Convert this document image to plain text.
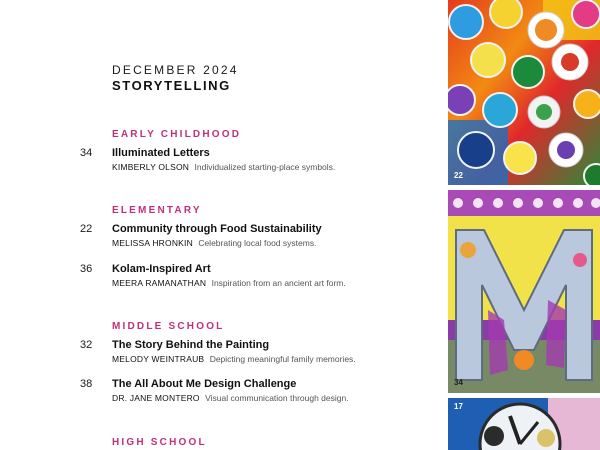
DECEMBER 2024
STORYTELLING
EARLY CHILDHOOD
34 Illuminated Letters
KIMBERLY OLSON Individualized starting-place symbols.
ELEMENTARY
22 Community through Food Sustainability
MELISSA HRONKIN Celebrating local food systems.
36 Kolam-Inspired Art
MEERA RAMANATHAN Inspiration from an ancient art form.
MIDDLE SCHOOL
32 The Story Behind the Painting
MELODY WEINTRAUB Depicting meaningful family memories.
38 The All About Me Design Challenge
DR. JANE MONTERO Visual communication through design.
HIGH SCHOOL
22
34
17
